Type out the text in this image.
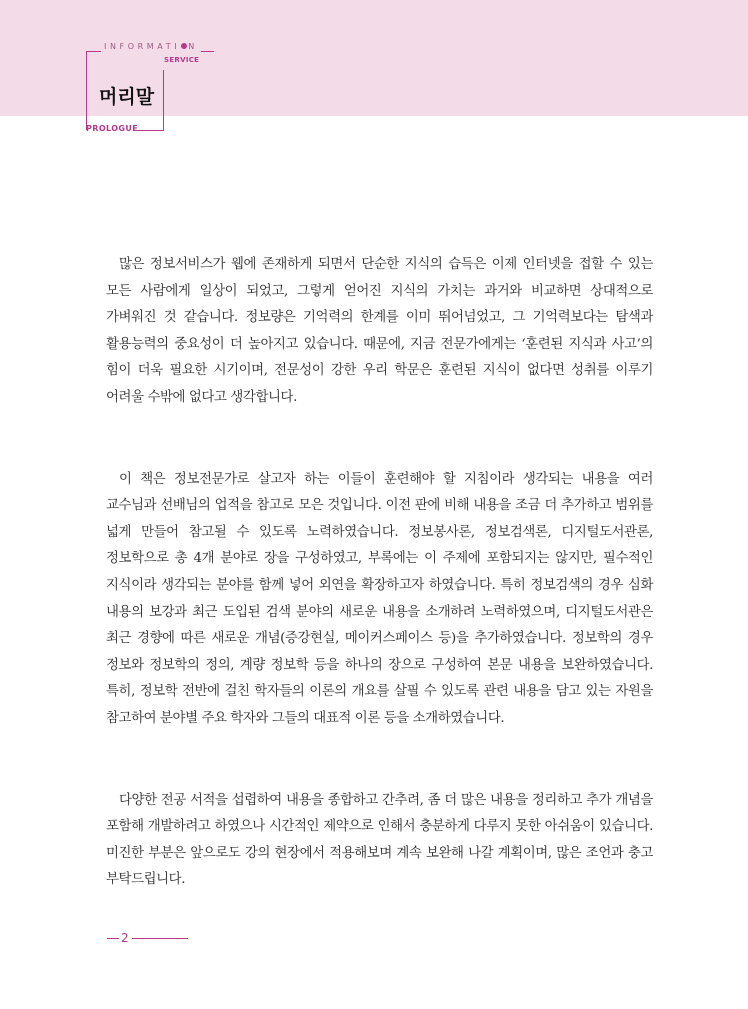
INFORMATI N
SERVICE
머리말
PROLOGUE

많은 정보서비스가 웹에 존재하게 되면서 단순한 지식의 습득은 이제 인터넷을 접할 수 있는 모든 사람에게 일상이 되었고, 그렇게 얻어진 지식의 가치는 과거와 비교하면 상대적으로 가벼워진 것 같습니다. 정보량은 기억력의 한계를 이미 뛰어넘었고, 그 기억력보다는 탐색과 활용능력의 중요성이 더 높아지고 있습니다. 때문에, 지금 전문가에게는 ‘훈련된 지식과 사고’의 힘이 더욱 필요한 시기이며, 전문성이 강한 우리 학문은 훈련된 지식이 없다면 성취를 이루기 어려울 수밖에 없다고 생각합니다.

이 책은 정보전문가로 살고자 하는 이들이 훈련해야 할 지침이라 생각되는 내용을 여러 교수님과 선배님의 업적을 참고로 모은 것입니다. 이전 판에 비해 내용을 조금 더 추가하고 범위를 넓게 만들어 참고될 수 있도록 노력하였습니다. 정보봉사론, 정보검색론, 디지털도서관론, 정보학으로 총 4개 분야로 장을 구성하였고, 부록에는 이 주제에 포함되지는 않지만, 필수적인 지식이라 생각되는 분야를 함께 넣어 외연을 확장하고자 하였습니다. 특히 정보검색의 경우 심화 내용의 보강과 최근 도입된 검색 분야의 새로운 내용을 소개하려 노력하였으며, 디지털도서관은 최근 경향에 따른 새로운 개념(증강현실, 메이커스페이스 등)을 추가하였습니다. 정보학의 경우 정보와 정보학의 정의, 계량 정보학 등을 하나의 장으로 구성하여 본문 내용을 보완하였습니다.특히, 정보학 전반에 걸친 학자들의 이론의 개요를 살필 수 있도록 관련 내용을 담고 있는 자원을 참고하여 분야별 주요 학자와 그들의 대표적 이론 등을 소개하였습니다.

다양한 전공 서적을 섭렵하여 내용을 종합하고 간추려, 좀 더 많은 내용을 정리하고 추가 개념을 포함해 개발하려고 하였으나 시간적인 제약으로 인해서 충분하게 다루지 못한 아쉬움이 있습니다. 미진한 부분은 앞으로도 강의 현장에서 적용해보며 계속 보완해 나갈 계획이며, 많은 조언과 충고 부탁드립니다.

2
